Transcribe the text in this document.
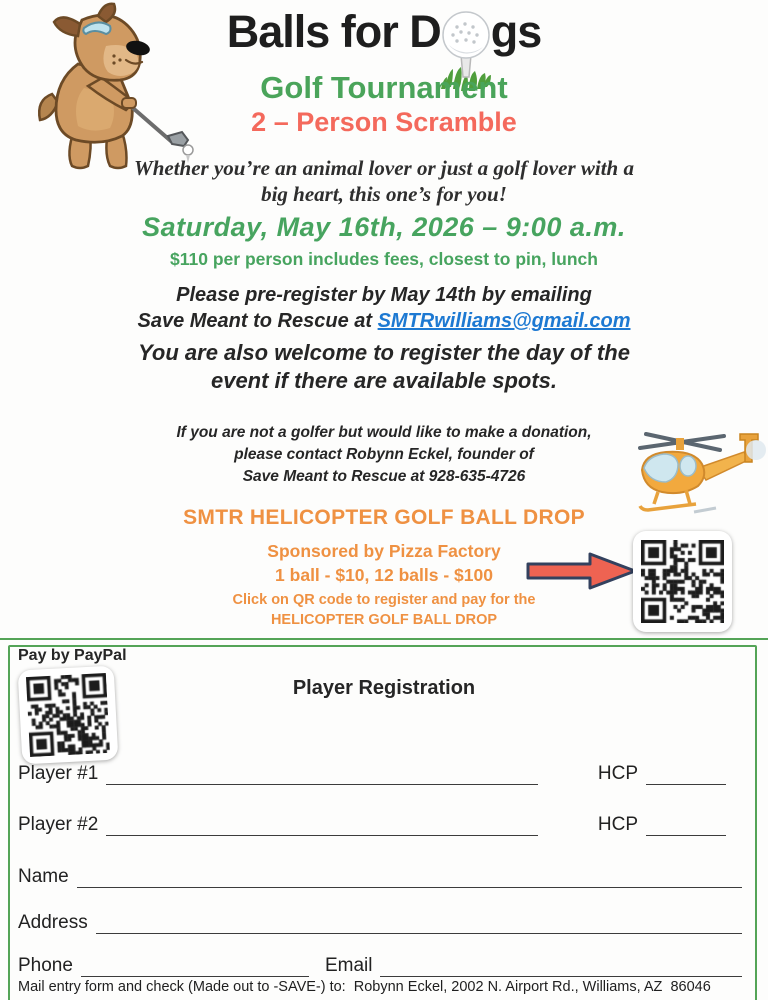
Balls for D gs
Golf Tournament
2 – Person Scramble
Whether you’re an animal lover or just a golf lover with a
big heart, this one’s for you!
Saturday, May 16th, 2026 – 9:00 a.m.
$110 per person includes fees, closest to pin, lunch
Please pre-register by May 14th by emailing
Save Meant to Rescue at SMTRwilliams@gmail.com
You are also welcome to register the day of the
event if there are available spots.
If you are not a golfer but would like to make a donation,
please contact Robynn Eckel, founder of
Save Meant to Rescue at 928-635-4726
SMTR HELICOPTER GOLF BALL DROP
Sponsored by Pizza Factory
1 ball - $10, 12 balls - $100
Click on QR code to register and pay for the
HELICOPTER GOLF BALL DROP
Pay by PayPal
Player Registration
Player #1	HCP
Player #2	HCP
Name
Address
Phone	Email
Mail entry form and check (Made out to -SAVE-) to:  Robynn Eckel, 2002 N. Airport Rd., Williams, AZ  86046
